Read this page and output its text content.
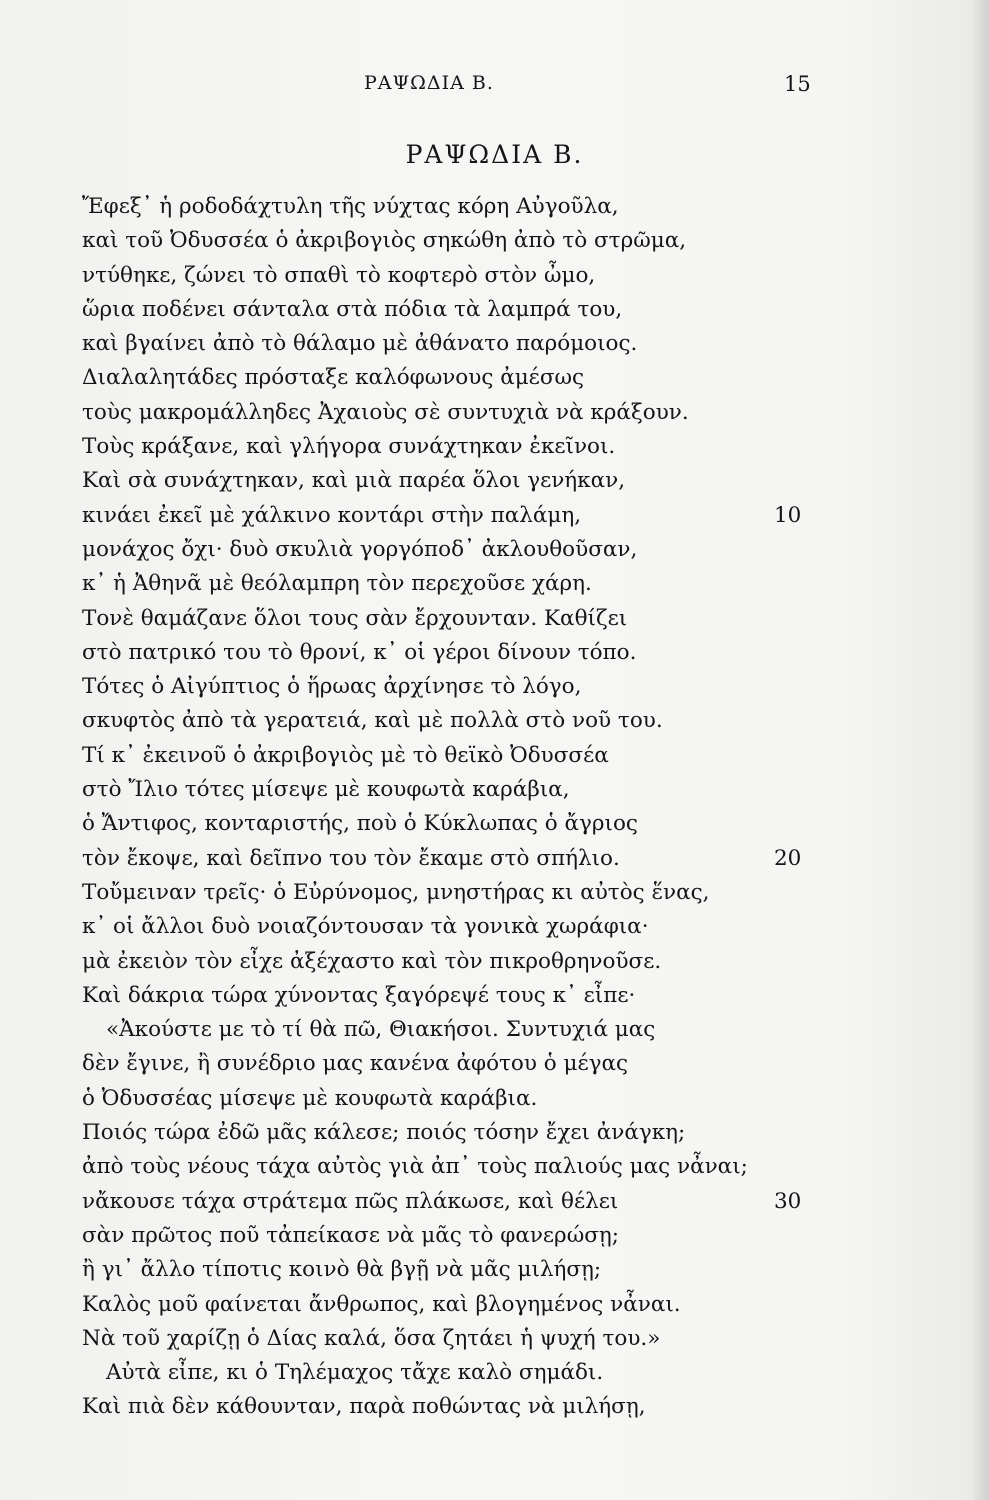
ΡΑΨΩΔΙΑ Β.	15
ΡΑΨΩΔΙΑ Β.
Ἔφεξ᾽ ἡ ροδοδάχτυλη τῆς νύχτας κόρη Αὐγοῦλα,
καὶ τοῦ Ὀδυσσέα ὁ ἀκριβογιὸς σηκώθη ἀπὸ τὸ στρῶμα,
ντύθηκε, ζώνει τὸ σπαθὶ τὸ κοφτερὸ στὸν ὦμο,
ὥρια ποδένει σάνταλα στὰ πόδια τὰ λαμπρά του,
καὶ βγαίνει ἀπὸ τὸ θάλαμο μὲ ἀθάνατο παρόμοιος.
Διαλαλητάδες πρόσταξε καλόφωνους ἀμέσως
τοὺς μακρομάλληδες Ἀχαιοὺς σὲ συντυχιὰ νὰ κράξουν.
Τοὺς κράξανε, καὶ γλήγορα συνάχτηκαν ἐκεῖνοι.
Καὶ σὰ συνάχτηκαν, καὶ μιὰ παρέα ὅλοι γενήκαν,
κινάει ἐκεῖ μὲ χάλκινο κοντάρι στὴν παλάμη,	10
μονάχος ὄχι· δυὸ σκυλιὰ γοργόποδ᾽ ἀκλουθοῦσαν,
κ᾽ ἡ Ἀθηνᾶ μὲ θεόλαμπρη τὸν περεχοῦσε χάρη.
Τονὲ θαμάζανε ὅλοι τους σὰν ἔρχουνταν. Καθίζει
στὸ πατρικό του τὸ θρονί, κ᾽ οἱ γέροι δίνουν τόπο.
Τότες ὁ Αἰγύπτιος ὁ ἥρωας ἀρχίνησε τὸ λόγο,
σκυφτὸς ἀπὸ τὰ γερατειά, καὶ μὲ πολλὰ στὸ νοῦ του.
Τί κ᾽ ἐκεινοῦ ὁ ἀκριβογιὸς μὲ τὸ θεϊκὸ Ὀδυσσέα
στὸ Ἴλιο τότες μίσεψε μὲ κουφωτὰ καράβια,
ὁ Ἄντιφος, κονταριστής, ποὺ ὁ Κύκλωπας ὁ ἄγριος
τὸν ἔκοψε, καὶ δεῖπνο του τὸν ἔκαμε στὸ σπήλιο.	20
Τοὔμειναν τρεῖς· ὁ Εὐρύνομος, μνηστήρας κι αὐτὸς ἕνας,
κ᾽ οἱ ἄλλοι δυὸ νοιαζόντουσαν τὰ γονικὰ χωράφια·
μὰ ἐκειὸν τὸν εἶχε ἀξέχαστο καὶ τὸν πικροθρηνοῦσε.
Καὶ δάκρια τώρα χύνοντας ξαγόρεψέ τους κ᾽ εἶπε·
«Ἀκούστε με τὸ τί θὰ πῶ, Θιακήσοι. Συντυχιά μας
δὲν ἔγινε, ἢ συνέδριο μας κανένα ἀφότου ὁ μέγας
ὁ Ὀδυσσέας μίσεψε μὲ κουφωτὰ καράβια.
Ποιός τώρα ἐδῶ μᾶς κάλεσε; ποιός τόσην ἔχει ἀνάγκη;
ἀπὸ τοὺς νέους τάχα αὐτὸς γιὰ ἀπ᾽ τοὺς παλιούς μας νἆναι;
νἄκουσε τάχα στράτεμα πῶς πλάκωσε, καὶ θέλει	30
σὰν πρῶτος ποῦ τἀπείκασε νὰ μᾶς τὸ φανερώσῃ;
ἢ γι᾽ ἄλλο τίποτις κοινὸ θὰ βγῇ νὰ μᾶς μιλήσῃ;
Καλὸς μοῦ φαίνεται ἄνθρωπος, καὶ βλογημένος νἆναι.
Νὰ τοῦ χαρίζῃ ὁ Δίας καλά, ὅσα ζητάει ἡ ψυχή του.»
Αὐτὰ εἶπε, κι ὁ Τηλέμαχος τἄχε καλὸ σημάδι.
Καὶ πιὰ δὲν κάθουνταν, παρὰ ποθώντας νὰ μιλήσῃ,
